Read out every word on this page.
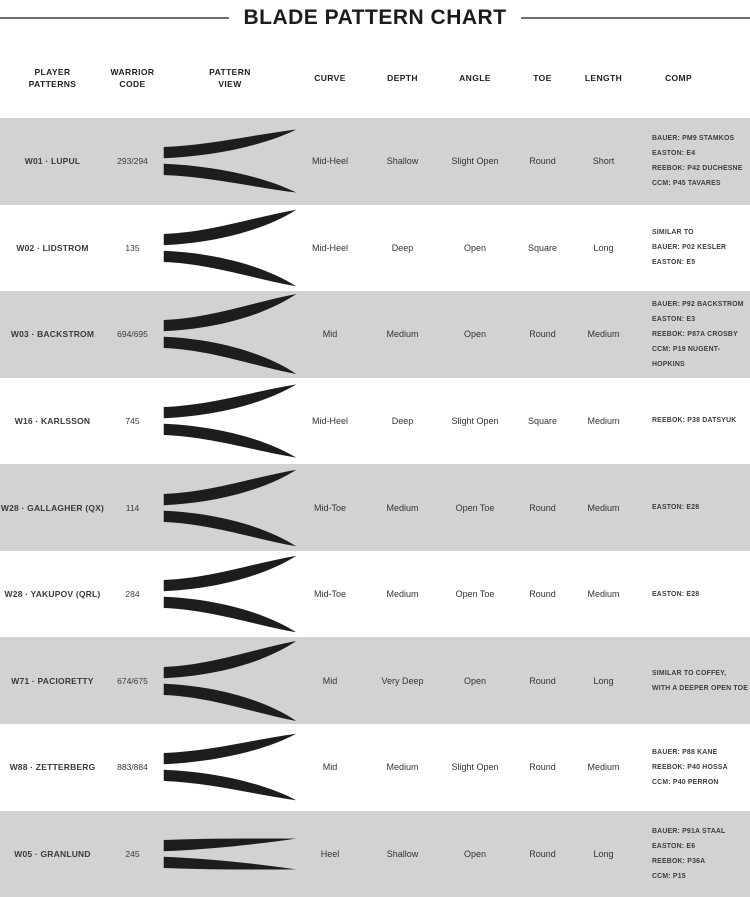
BLADE PATTERN CHART
PLAYER
PATTERNS
WARRIOR
CODE
PATTERN
VIEW
CURVE	DEPTH	ANGLE	TOE	LENGTH	COMP
W01 · LUPUL	293/294	Mid-Heel	Shallow	Slight Open	Round	Short
BAUER: PM9 STAMKOS
EASTON: E4
REEBOK: P42 DUCHESNE
CCM: P45 TAVARES
W02 · LIDSTROM	135	Mid-Heel	Deep	Open	Square	Long
SIMILAR TO
BAUER: P02 KESLER
EASTON: E5
W03 · BACKSTROM	694/695	Mid	Medium	Open	Round	Medium
BAUER: P92 BACKSTROM
EASTON: E3
REEBOK: P87A CROSBY
CCM: P19 NUGENT-HOPKINS
W16 · KARLSSON	745	Mid-Heel	Deep	Slight Open	Square	Medium	REEBOK: P38 DATSYUK
W28 · GALLAGHER (QX)	114	Mid-Toe	Medium	Open Toe	Round	Medium	EASTON: E28
W28 · YAKUPOV (QRL)	284	Mid-Toe	Medium	Open Toe	Round	Medium	EASTON: E28
W71 · PACIORETTY	674/675	Mid	Very Deep	Open	Round	Long
SIMILAR TO COFFEY,
WITH A DEEPER OPEN TOE
W88 · ZETTERBERG	883/884	Mid	Medium	Slight Open	Round	Medium
BAUER: P88 KANE
REEBOK: P40 HOSSA
CCM: P40 PERRON
W05 · GRANLUND	245	Heel	Shallow	Open	Round	Long
BAUER: P91A STAAL
EASTON: E6
REEBOK: P36A
CCM: P15
